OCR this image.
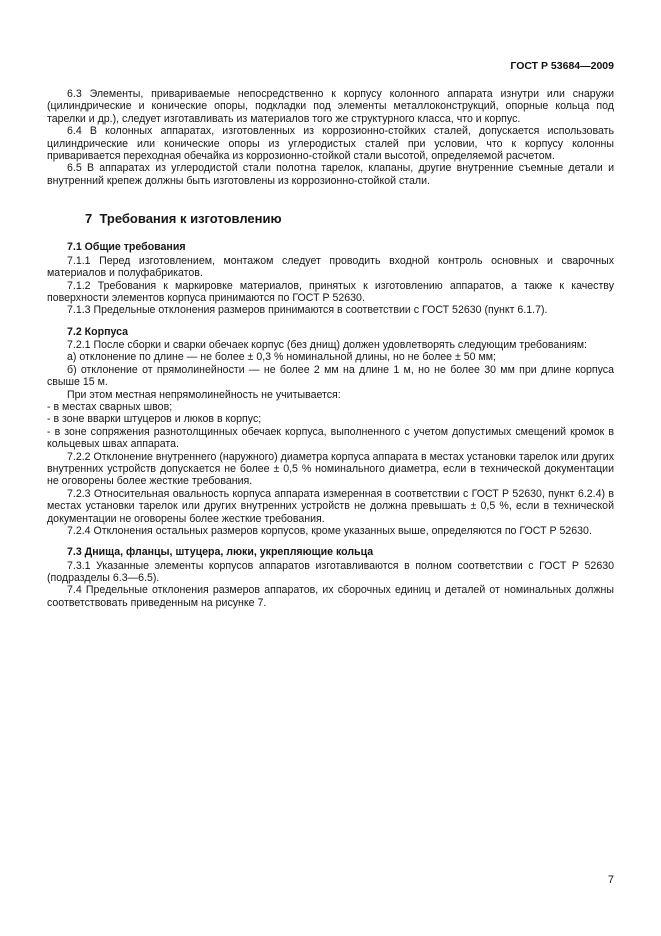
ГОСТ Р 53684—2009

6.3 Элементы, привариваемые непосредственно к корпусу колонного аппарата изнутри или снаружи (цилиндрические и конические опоры, подкладки под элементы металлоконструкций, опорные кольца под тарелки и др.), следует изготавливать из материалов того же структурного класса, что и корпус.

6.4 В колонных аппаратах, изготовленных из коррозионно-стойких сталей, допускается использовать цилиндрические или конические опоры из углеродистых сталей при условии, что к корпусу колонны приваривается переходная обечайка из коррозионно-стойкой стали высотой, определяемой расчетом.

6.5 В аппаратах из углеродистой стали полотна тарелок, клапаны, другие внутренние съемные детали и внутренний крепеж должны быть изготовлены из коррозионно-стойкой стали.

7  Требования к изготовлению

7.1 Общие требования

7.1.1 Перед изготовлением, монтажом следует проводить входной контроль основных и сварочных материалов и полуфабрикатов.

7.1.2 Требования к маркировке материалов, принятых к изготовлению аппаратов, а также к качеству поверхности элементов корпуса принимаются по ГОСТ Р 52630.

7.1.3 Предельные отклонения размеров принимаются в соответствии с ГОСТ 52630 (пункт 6.1.7).

7.2 Корпуса

7.2.1 После сборки и сварки обечаек корпус (без днищ) должен удовлетворять следующим требованиям:

а) отклонение по длине — не более ± 0,3 % номинальной длины, но не более ± 50 мм;

б) отклонение от прямолинейности — не более 2 мм на длине 1 м, но не более 30 мм при длине корпуса свыше 15 м.

При этом местная непрямолинейность не учитывается:

- в местах сварных швов;

- в зоне вварки штуцеров и люков в корпус;

- в зоне сопряжения разнотолщинных обечаек корпуса, выполненного с учетом допустимых смещений кромок в кольцевых швах аппарата.

7.2.2 Отклонение внутреннего (наружного) диаметра корпуса аппарата в местах установки тарелок или других внутренних устройств допускается не более ± 0,5 % номинального диаметра, если в технической документации не оговорены более жесткие требования.

7.2.3 Относительная овальность корпуса аппарата измеренная в соответствии с ГОСТ Р 52630, пункт 6.2.4) в местах установки тарелок или других внутренних устройств не должна превышать ± 0,5 %, если в технической документации не оговорены более жесткие требования.

7.2.4 Отклонения остальных размеров корпусов, кроме указанных выше, определяются по ГОСТ Р 52630.

7.3 Днища, фланцы, штуцера, люки, укрепляющие кольца

7.3.1 Указанные элементы корпусов аппаратов изготавливаются в полном соответствии с ГОСТ Р 52630 (подразделы 6.3—6.5).

7.4 Предельные отклонения размеров аппаратов, их сборочных единиц и деталей от номинальных должны соответствовать приведенным на рисунке 7.

7
